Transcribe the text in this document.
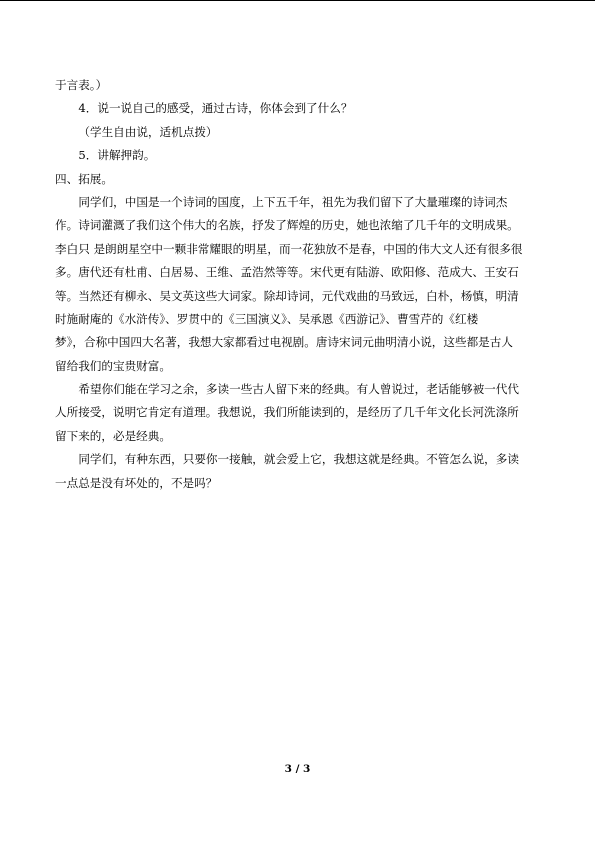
于言表。）
4．说一说自己的感受，通过古诗，你体会到了什么？
（学生自由说，适机点拨）
5．讲解押韵。
四、拓展。
同学们，中国是一个诗词的国度，上下五千年，祖先为我们留下了大量璀璨的诗词杰
作。诗词灌溉了我们这个伟大的名族，抒发了辉煌的历史，她也浓缩了几千年的文明成果。
李白只 是朗朗星空中一颗非常耀眼的明星，而一花独放不是春，中国的伟大文人还有很多很
多。唐代还有杜甫、白居易、王维、孟浩然等等。宋代更有陆游、欧阳修、范成大、王安石
等。当然还有柳永、吴文英这些大词家。除却诗词，元代戏曲的马致远，白朴，杨慎，明清
时施耐庵的《水浒传》、罗贯中的《三国演义》、吴承恩《西游记》、曹雪芹的《红楼
梦》，合称中国四大名著，我想大家都看过电视剧。唐诗宋词元曲明清小说，这些都是古人
留给我们的宝贵财富。
希望你们能在学习之余，多读一些古人留下来的经典。有人曾说过，老话能够被一代代
人所接受，说明它肯定有道理。我想说，我们所能读到的，是经历了几千年文化长河洗涤所
留下来的，必是经典。
同学们，有种东西，只要你一接触，就会爱上它，我想这就是经典。不管怎么说，多读
一点总是没有坏处的，不是吗？
3 / 3
